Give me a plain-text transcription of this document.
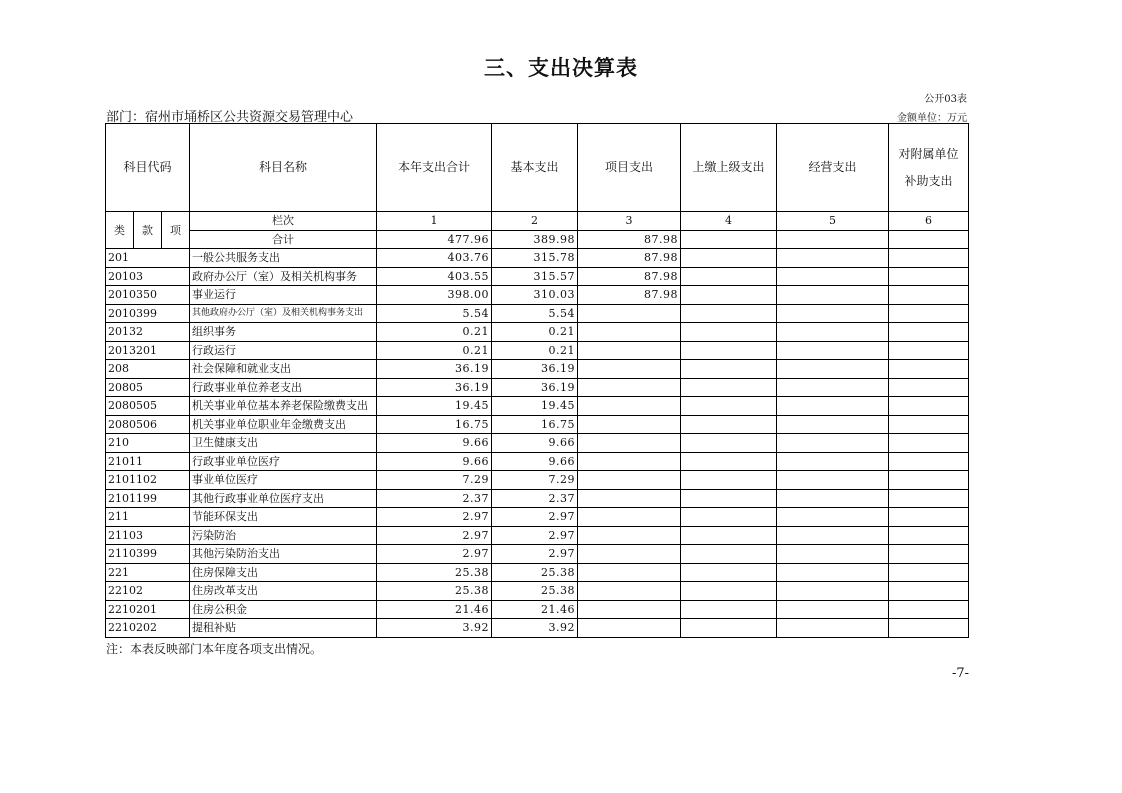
三、支出决算表
公开03表
部门：宿州市埇桥区公共资源交易管理中心	金额单位：万元
科目代码			科目名称	本年支出合计	基本支出	项目支出	上缴上级支出	经营支出	对附属单位补助支出
类	款	项	栏次	1	2	3	4	5	6
			合计	477.96	389.98	87.98			
201			一般公共服务支出	403.76	315.78	87.98			
20103			政府办公厅（室）及相关机构事务	403.55	315.57	87.98			
2010350			事业运行	398.00	310.03	87.98			
2010399			其他政府办公厅（室）及相关机构事务支出	5.54	5.54				
20132			组织事务	0.21	0.21				
2013201			行政运行	0.21	0.21				
208			社会保障和就业支出	36.19	36.19				
20805			行政事业单位养老支出	36.19	36.19				
2080505			机关事业单位基本养老保险缴费支出	19.45	19.45				
2080506			机关事业单位职业年金缴费支出	16.75	16.75				
210			卫生健康支出	9.66	9.66				
21011			行政事业单位医疗	9.66	9.66				
2101102			事业单位医疗	7.29	7.29				
2101199			其他行政事业单位医疗支出	2.37	2.37				
211			节能环保支出	2.97	2.97				
21103			污染防治	2.97	2.97				
2110399			其他污染防治支出	2.97	2.97				
221			住房保障支出	25.38	25.38				
22102			住房改革支出	25.38	25.38				
2210201			住房公积金	21.46	21.46				
2210202			提租补贴	3.92	3.92				
注：本表反映部门本年度各项支出情况。
-7-
